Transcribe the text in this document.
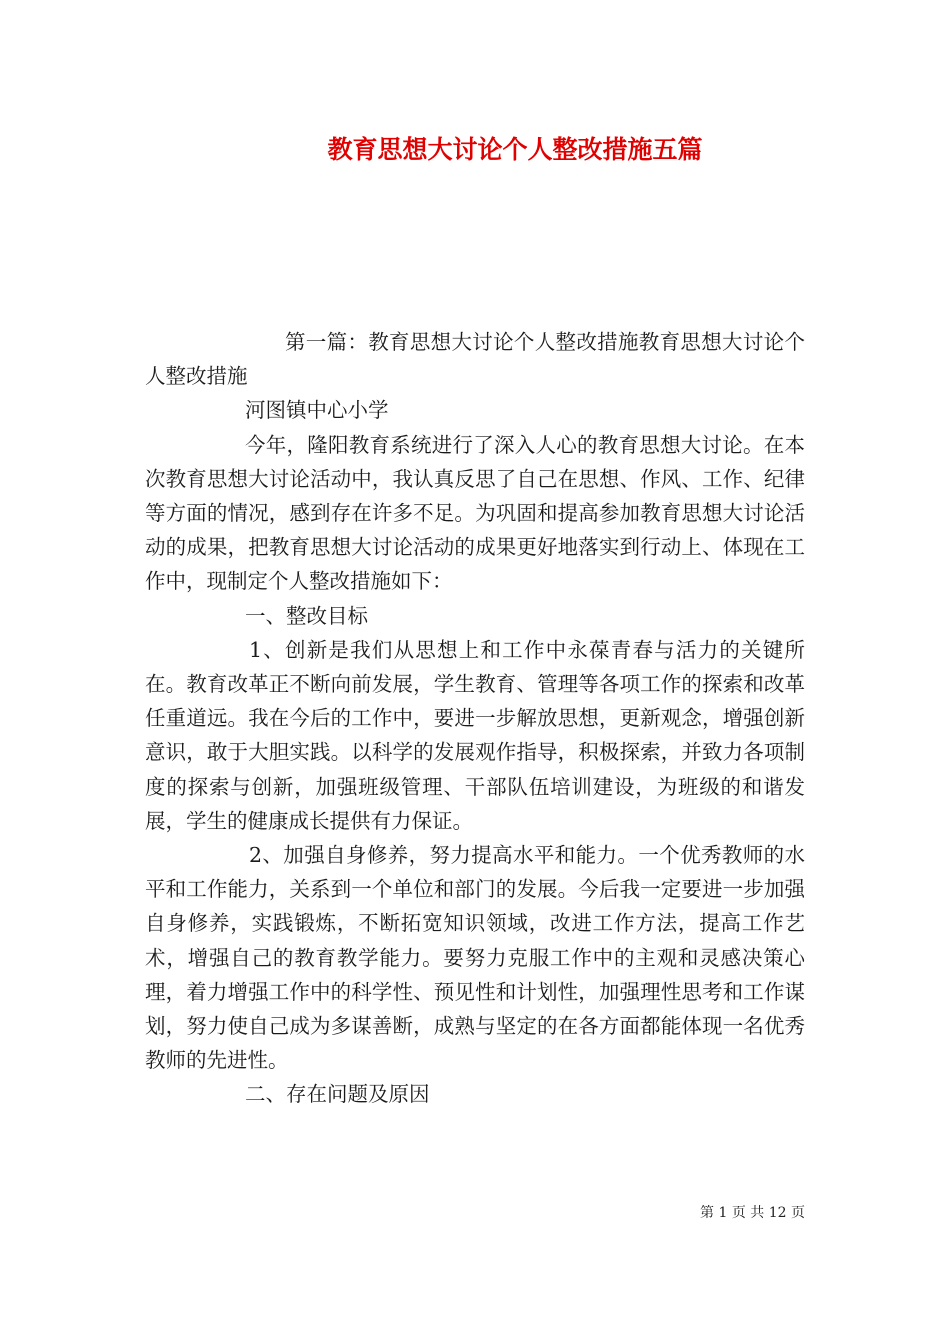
教育思想大讨论个人整改措施五篇

第一篇：教育思想大讨论个人整改措施教育思想大讨论个人整改措施

河图镇中心小学

今年，隆阳教育系统进行了深入人心的教育思想大讨论。在本次教育思想大讨论活动中，我认真反思了自己在思想、作风、工作、纪律等方面的情况，感到存在许多不足。为巩固和提高参加教育思想大讨论活动的成果，把教育思想大讨论活动的成果更好地落实到行动上、体现在工作中，现制定个人整改措施如下：

一、整改目标

1、创新是我们从思想上和工作中永葆青春与活力的关键所在。教育改革正不断向前发展，学生教育、管理等各项工作的探索和改革任重道远。我在今后的工作中，要进一步解放思想，更新观念，增强创新意识，敢于大胆实践。以科学的发展观作指导，积极探索，并致力各项制度的探索与创新，加强班级管理、干部队伍培训建设，为班级的和谐发展，学生的健康成长提供有力保证。

2、加强自身修养，努力提高水平和能力。一个优秀教师的水平和工作能力，关系到一个单位和部门的发展。今后我一定要进一步加强自身修养，实践锻炼，不断拓宽知识领域，改进工作方法，提高工作艺术，增强自己的教育教学能力。要努力克服工作中的主观和灵感决策心理，着力增强工作中的科学性、预见性和计划性，加强理性思考和工作谋划，努力使自己成为多谋善断，成熟与坚定的在各方面都能体现一名优秀教师的先进性。

二、存在问题及原因

第 1 页 共 12 页
